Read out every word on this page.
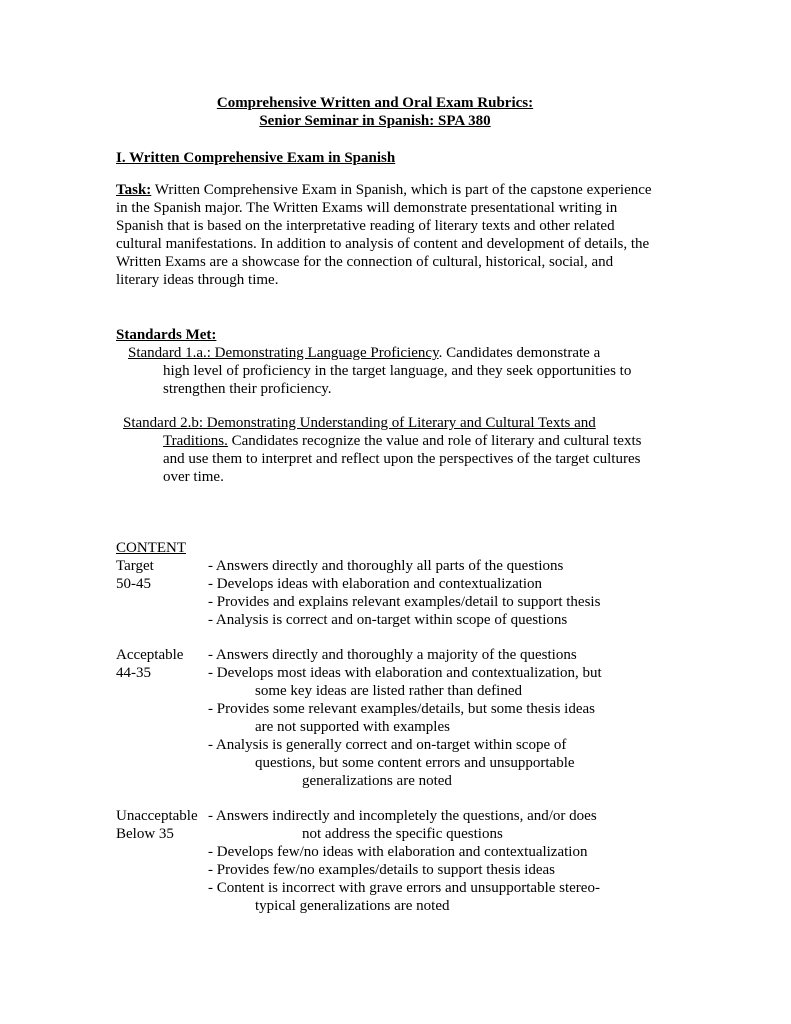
Comprehensive Written and Oral Exam Rubrics:
Senior Seminar in Spanish: SPA 380
I. Written Comprehensive Exam in Spanish
Task: Written Comprehensive Exam in Spanish, which is part of the capstone experience
in the Spanish major. The Written Exams will demonstrate presentational writing in
Spanish that is based on the interpretative reading of literary texts and other related
cultural manifestations. In addition to analysis of content and development of details, the
Written Exams are a showcase for the connection of cultural, historical, social, and
literary ideas through time.
Standards Met:
Standard 1.a.: Demonstrating Language Proficiency. Candidates demonstrate a
high level of proficiency in the target language, and they seek opportunities to
strengthen their proficiency.
Standard 2.b: Demonstrating Understanding of Literary and Cultural Texts and
Traditions. Candidates recognize the value and role of literary and cultural texts
and use them to interpret and reflect upon the perspectives of the target cultures
over time.
CONTENT
Target
50-45
- Answers directly and thoroughly all parts of the questions
- Develops ideas with elaboration and contextualization
- Provides and explains relevant examples/detail to support thesis
- Analysis is correct and on-target within scope of questions
Acceptable
44-35
- Answers directly and thoroughly a majority of the questions
- Develops most ideas with elaboration and contextualization, but
some key ideas are listed rather than defined
- Provides some relevant examples/details, but some thesis ideas
are not supported with examples
- Analysis is generally correct and on-target within scope of
questions, but some content errors and unsupportable
generalizations are noted
Unacceptable
Below 35
- Answers indirectly and incompletely the questions, and/or does
not address the specific questions
- Develops few/no ideas with elaboration and contextualization
- Provides few/no examples/details to support thesis ideas
- Content is incorrect with grave errors and unsupportable stereo-
typical generalizations are noted
